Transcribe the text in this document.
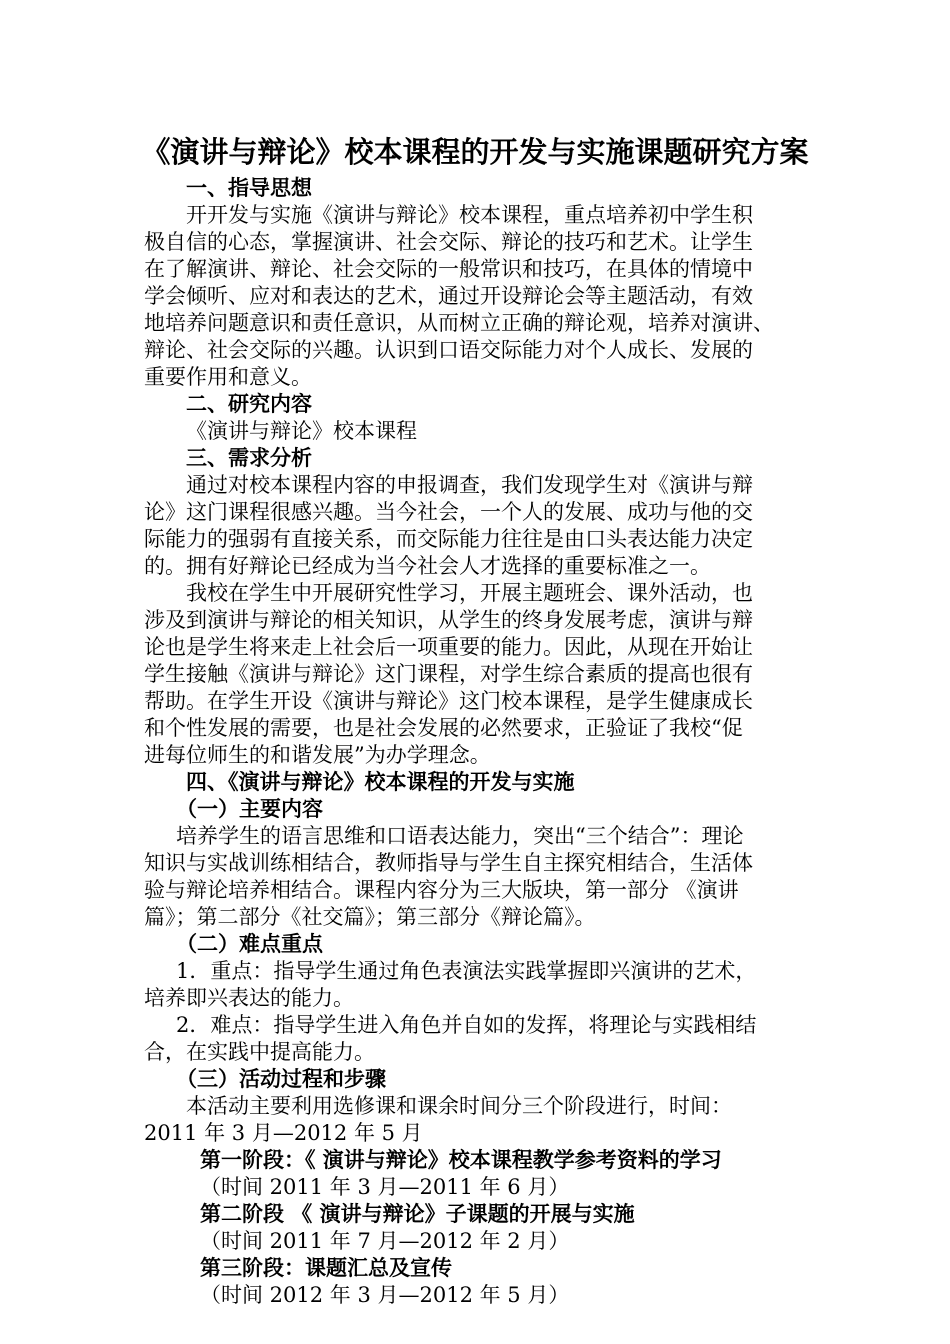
《演讲与辩论》校本课程的开发与实施课题研究方案
一、指导思想
开开发与实施《演讲与辩论》校本课程，重点培养初中学生积
极自信的心态，掌握演讲、社会交际、辩论的技巧和艺术。让学生
在了解演讲、辩论、社会交际的一般常识和技巧，在具体的情境中
学会倾听、应对和表达的艺术，通过开设辩论会等主题活动，有效
地培养问题意识和责任意识，从而树立正确的辩论观，培养对演讲、
辩论、社会交际的兴趣。认识到口语交际能力对个人成长、发展的
重要作用和意义。
二、研究内容
《演讲与辩论》校本课程
三、需求分析
通过对校本课程内容的申报调查，我们发现学生对《演讲与辩
论》这门课程很感兴趣。当今社会，一个人的发展、成功与他的交
际能力的强弱有直接关系，而交际能力往往是由口头表达能力决定
的。拥有好辩论已经成为当今社会人才选择的重要标准之一。
我校在学生中开展研究性学习，开展主题班会、课外活动，也
涉及到演讲与辩论的相关知识，从学生的终身发展考虑，演讲与辩
论也是学生将来走上社会后一项重要的能力。因此，从现在开始让
学生接触《演讲与辩论》这门课程，对学生综合素质的提高也很有
帮助。在学生开设《演讲与辩论》这门校本课程，是学生健康成长
和个性发展的需要，也是社会发展的必然要求，正验证了我校“促
进每位师生的和谐发展”为办学理念。
四、《演讲与辩论》校本课程的开发与实施
（一）主要内容
培养学生的语言思维和口语表达能力，突出“三个结合”：理论
知识与实战训练相结合，教师指导与学生自主探究相结合，生活体
验与辩论培养相结合。课程内容分为三大版块，第一部分 《演讲
篇》；第二部分《社交篇》；第三部分《辩论篇》。
（二）难点重点
1．重点：指导学生通过角色表演法实践掌握即兴演讲的艺术，
培养即兴表达的能力。
2．难点：指导学生进入角色并自如的发挥，将理论与实践相结
合，在实践中提高能力。
（三）活动过程和步骤
本活动主要利用选修课和课余时间分三个阶段进行，时间：
2011 年 3 月—2012 年 5 月
第一阶段：《 演讲与辩论》校本课程教学参考资料的学习
（时间 2011 年 3 月—2011 年 6 月）
第二阶段 《 演讲与辩论》子课题的开展与实施
（时间 2011 年 7 月—2012 年 2 月）
第三阶段：课题汇总及宣传
（时间 2012 年 3 月—2012 年 5 月）
